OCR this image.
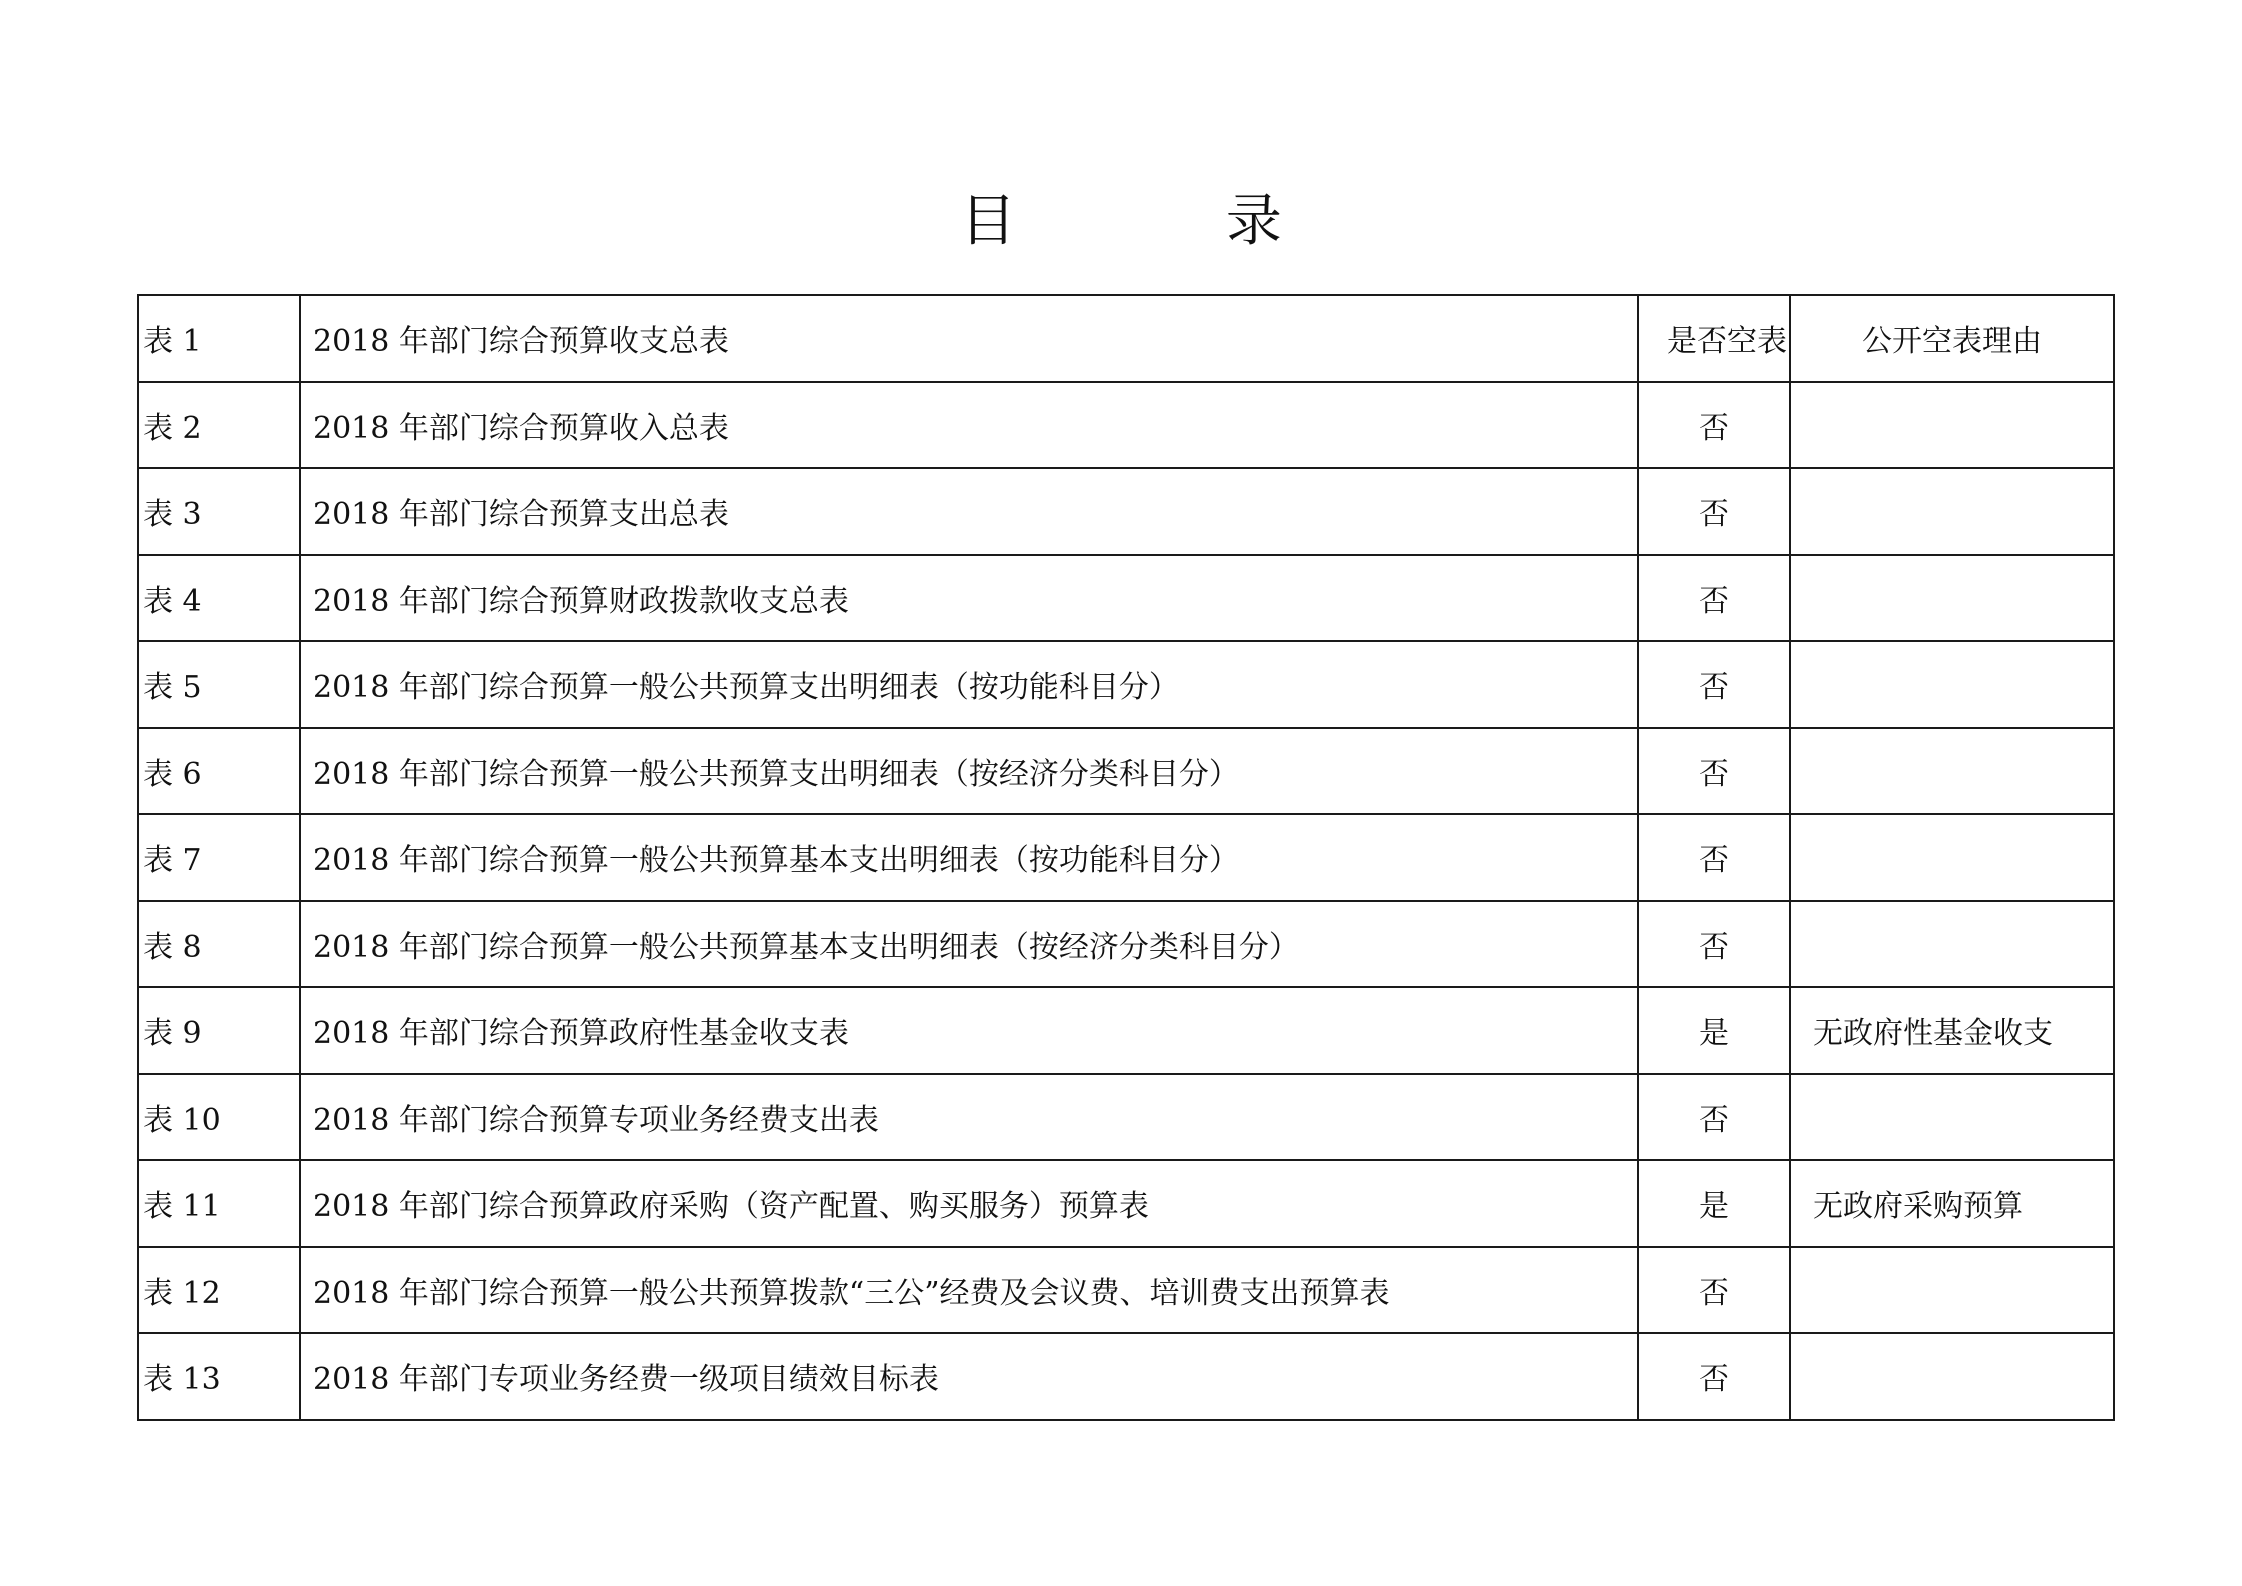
目 录
表 1	2018 年部门综合预算收支总表	是否空表	公开空表理由
表 2	2018 年部门综合预算收入总表	否	
表 3	2018 年部门综合预算支出总表	否	
表 4	2018 年部门综合预算财政拨款收支总表	否	
表 5	2018 年部门综合预算一般公共预算支出明细表（按功能科目分）	否	
表 6	2018 年部门综合预算一般公共预算支出明细表（按经济分类科目分）	否	
表 7	2018 年部门综合预算一般公共预算基本支出明细表（按功能科目分）	否	
表 8	2018 年部门综合预算一般公共预算基本支出明细表（按经济分类科目分）	否	
表 9	2018 年部门综合预算政府性基金收支表	是	无政府性基金收支
表 10	2018 年部门综合预算专项业务经费支出表	否	
表 11	2018 年部门综合预算政府采购（资产配置、购买服务）预算表	是	无政府采购预算
表 12	2018 年部门综合预算一般公共预算拨款“三公”经费及会议费、培训费支出预算表	否	
表 13	2018 年部门专项业务经费一级项目绩效目标表	否	
